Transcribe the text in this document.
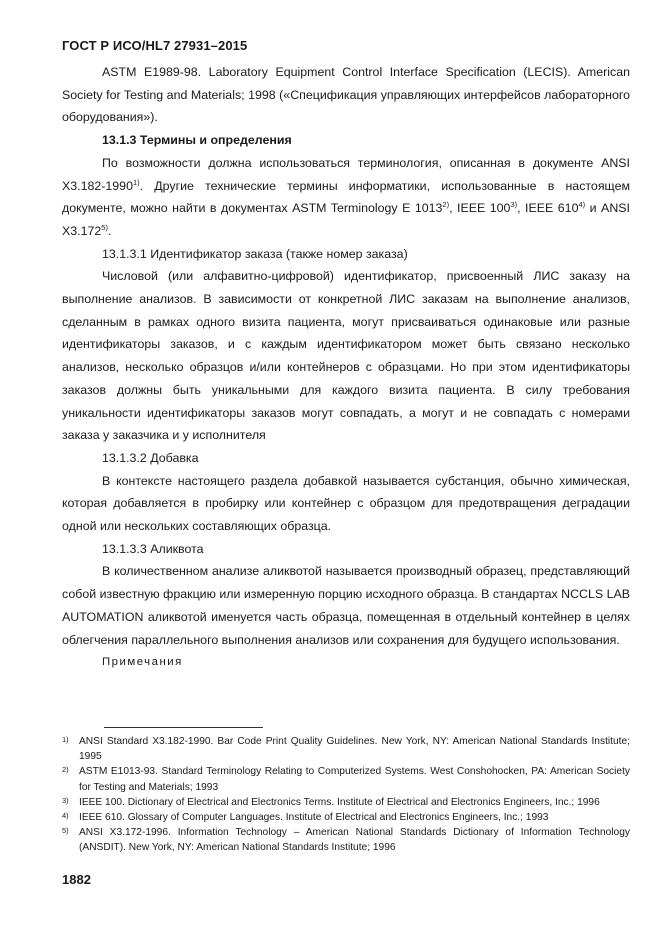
ГОСТ Р ИСО/HL7 27931–2015

ASTM E1989-98. Laboratory Equipment Control Interface Specification (LECIS). American Society for Testing and Materials; 1998 («Спецификация управляющих интерфейсов лабораторного оборудования»).

13.1.3 Термины и определения

По возможности должна использоваться терминология, описанная в документе ANSI X3.182-1990$^{1)}$. Другие технические термины информатики, использованные в настоящем документе, можно найти в документах ASTM Terminology E 1013$^{2)}$, IEEE 100$^{3)}$, IEEE 610$^{4)}$ и ANSI X3.172$^{5)}$.

13.1.3.1 Идентификатор заказа (также номер заказа)

Числовой (или алфавитно-цифровой) идентификатор, присвоенный ЛИС заказу на выполнение анализов. В зависимости от конкретной ЛИС заказам на выполнение анализов, сделанным в рамках одного визита пациента, могут присваиваться одинаковые или разные идентификаторы заказов, и с каждым идентификатором может быть связано несколько анализов, несколько образцов и/или контейнеров с образцами. Но при этом идентификаторы заказов должны быть уникальными для каждого визита пациента. В силу требования уникальности идентификаторы заказов могут совпадать, а могут и не совпадать с номерами заказа у заказчика и у исполнителя

13.1.3.2 Добавка

В контексте настоящего раздела добавкой называется субстанция, обычно химическая, которая добавляется в пробирку или контейнер с образцом для предотвращения деградации одной или нескольких составляющих образца.

13.1.3.3 Аликвота

В количественном анализе аликвотой называется производный образец, представляющий собой известную фракцию или измеренную порцию исходного образца. В стандартах NCCLS LAB AUTOMATION аликвотой именуется часть образца, помещенная в отдельный контейнер в целях облегчения параллельного выполнения анализов или сохранения для будущего использования.

Примечания

1) ANSI Standard X3.182-1990. Bar Code Print Quality Guidelines. New York, NY: American National Standards Institute; 1995
2) ASTM E1013-93. Standard Terminology Relating to Computerized Systems. West Conshohocken, PA: American Society for Testing and Materials; 1993
3) IEEE 100. Dictionary of Electrical and Electronics Terms. Institute of Electrical and Electronics Engineers, Inc.; 1996
4) IEEE 610. Glossary of Computer Languages. Institute of Electrical and Electronics Engineers, Inc.; 1993
5) ANSI X3.172-1996. Information Technology – American National Standards Dictionary of Information Technology (ANSDIT). New York, NY: American National Standards Institute; 1996
1882
